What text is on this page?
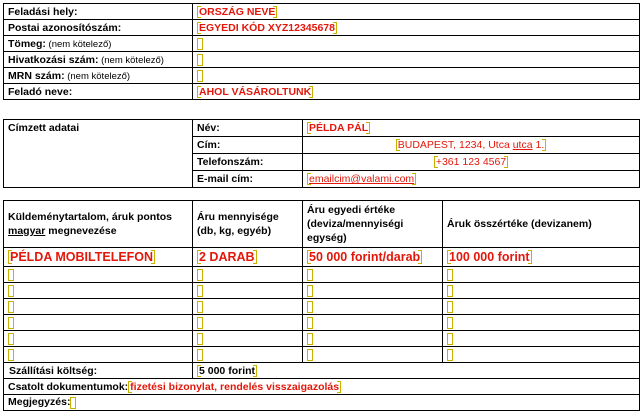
Feladási hely:	ORSZÁG NEVE
Postai azonosítószám:	EGYEDI KÓD XYZ12345678
Tömeg: (nem kötelező)	
Hivatkozási szám: (nem kötelező)	
MRN szám: (nem kötelező)	
Feladó neve:	AHOL VÁSÁROLTUNK
Címzett adatai	Név:	PÉLDA PÁL
	Cím:	BUDAPEST, 1234, Utca utca 1.
	Telefonszám:	+361 123 4567
	E-mail cím:	emailcim@valami.com
Küldeménytartalom, áruk pontos magyar megnevezése	Áru mennyisége (db, kg, egyéb)	Áru egyedi értéke (deviza/mennyiségi egység)	Áruk összértéke (devizanem)
PÉLDA MOBILTELEFON	2 DARAB	50 000 forint/darab	100 000 forint

Szállítási költség:	5 000 forint		
Csatolt dokumentumok: fizetési bizonylat, rendelés visszaigazolás			
Megjegyzés:			
